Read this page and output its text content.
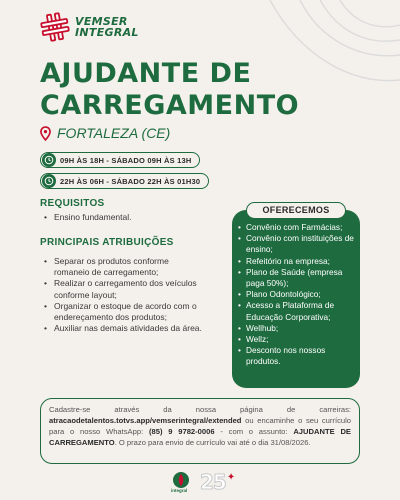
VEMSER
INTEGRAL
AJUDANTE DE
CARREGAMENTO
FORTALEZA (CE)
09H ÀS 18H - SÁBADO 09H ÀS 13H
22H ÀS 06H - SÁBADO 22H ÀS 01H30
REQUISITOS
• Ensino fundamental.
PRINCIPAIS ATRIBUIÇÕES
• Separar os produtos conforme romaneio de carregamento;
• Realizar o carregamento dos veículos conforme layout;
• Organizar o estoque de acordo com o endereçamento dos produtos;
• Auxiliar nas demais atividades da área.
OFERECEMOS
• Convênio com Farmácias;
• Convênio com instituições de ensino;
• Refeitório na empresa;
• Plano de Saúde (empresa paga 50%);
• Plano Odontológico;
• Acesso a Plataforma de Educação Corporativa;
• Wellhub;
• Wellz;
• Desconto nos nossos produtos.
Cadastre-se através da nossa página de carreiras: atracaodetalentos.totvs.app/vemserintegral/extended ou encaminhe o seu currículo para o nosso WhatsApp: (85) 9 9782-0006 - com o assunto: AJUDANTE DE CARREGAMENTO. O prazo para envio de currículo vai até o dia 31/08/2026.
integral 25 ✦
